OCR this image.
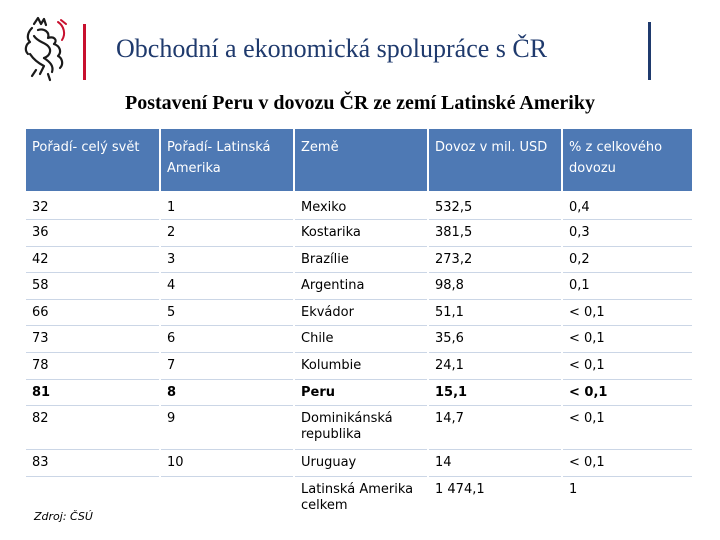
Obchodní a ekonomická spolupráce s ČR
Postavení Peru v dovozu ČR ze zemí Latinské Ameriky
Pořadí- celý svět	Pořadí- Latinská Amerika	Země	Dovoz v mil. USD	% z celkového dovozu
32	1	Mexiko	532,5	0,4
36	2	Kostarika	381,5	0,3
42	3	Brazílie	273,2	0,2
58	4	Argentina	98,8	0,1
66	5	Ekvádor	51,1	< 0,1
73	6	Chile	35,6	< 0,1
78	7	Kolumbie	24,1	< 0,1
81	8	Peru	15,1	< 0,1
82	9	Dominikánská republika	14,7	< 0,1
83	10	Uruguay	14	< 0,1
		Latinská Amerika celkem	1 474,1	1
Zdroj: ČSÚ
